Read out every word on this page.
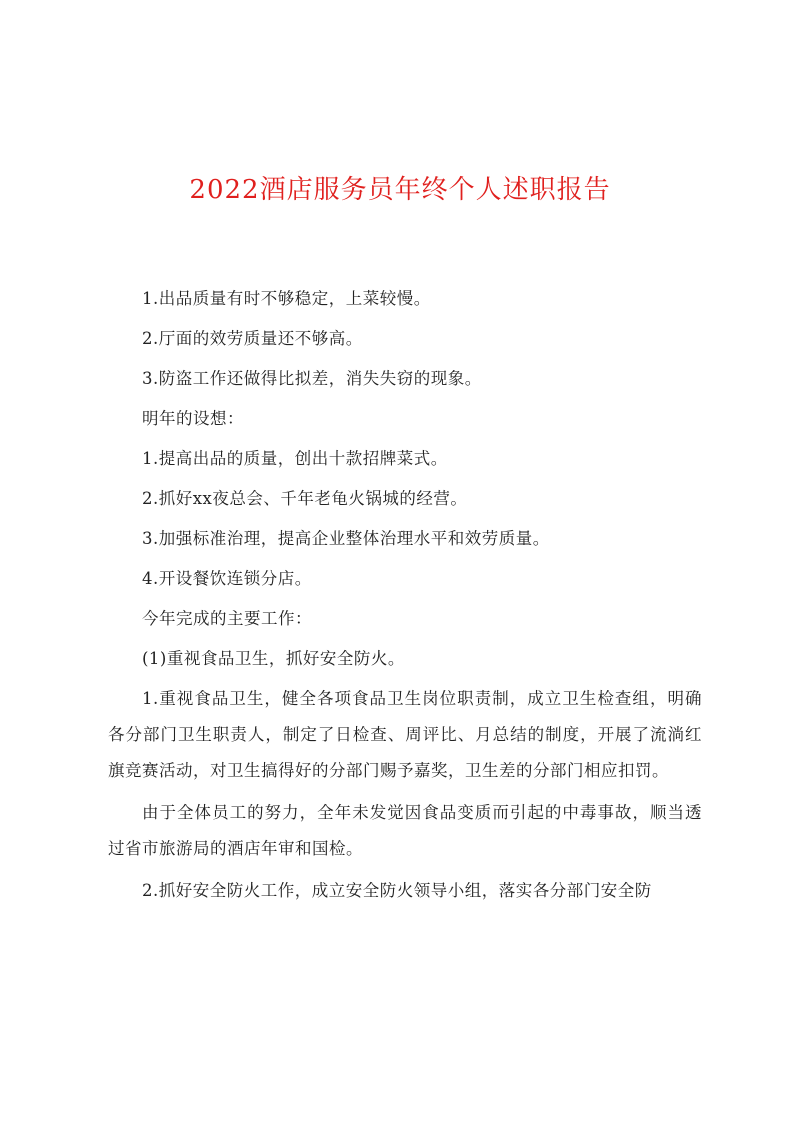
2022酒店服务员年终个人述职报告

1.出品质量有时不够稳定，上菜较慢。

2.厅面的效劳质量还不够高。

3.防盗工作还做得比拟差，消失失窃的现象。

明年的设想：

1.提高出品的质量，创出十款招牌菜式。

2.抓好xx夜总会、千年老龟火锅城的经营。

3.加强标准治理，提高企业整体治理水平和效劳质量。

4.开设餐饮连锁分店。

今年完成的主要工作：

(1)重视食品卫生，抓好安全防火。

1.重视食品卫生，健全各项食品卫生岗位职责制，成立卫生检查组，明确各分部门卫生职责人，制定了日检查、周评比、月总结的制度，开展了流淌红旗竞赛活动，对卫生搞得好的分部门赐予嘉奖，卫生差的分部门相应扣罚。

由于全体员工的努力，全年未发觉因食品变质而引起的中毒事故，顺当透过省市旅游局的酒店年审和国检。

2.抓好安全防火工作，成立安全防火领导小组，落实各分部门安全防
